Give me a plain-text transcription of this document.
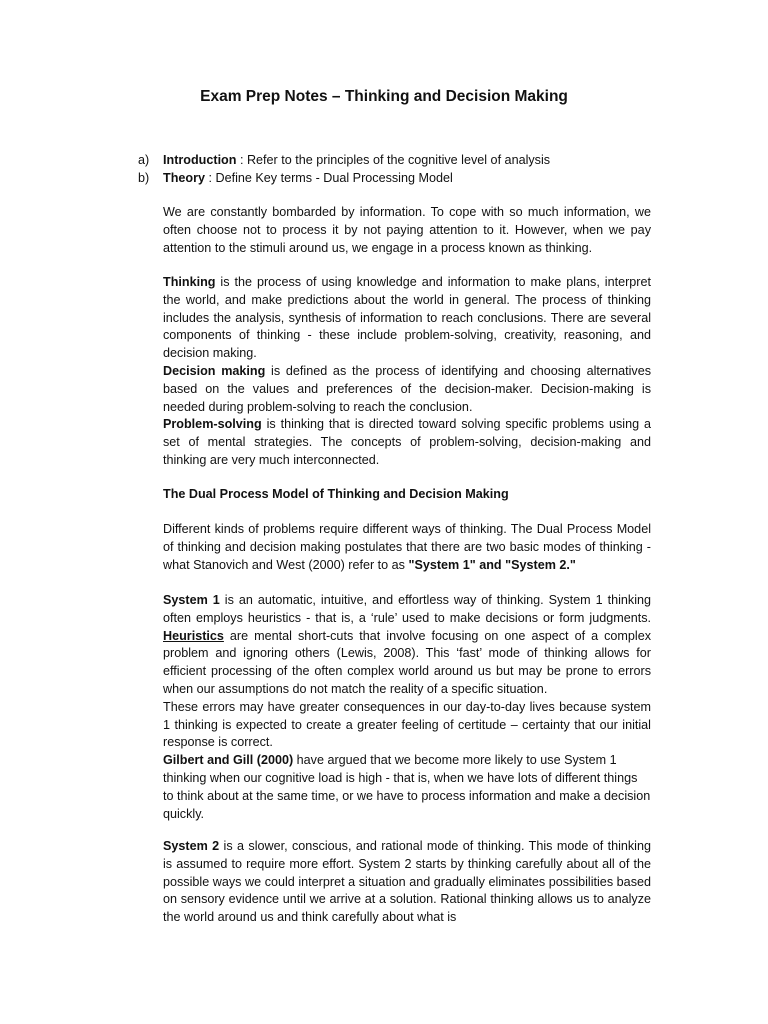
Exam Prep Notes – Thinking and Decision Making
a)	Introduction : Refer to the principles of the cognitive level of analysis
b)	Theory : Define Key terms - Dual Processing Model

We are constantly bombarded by information. To cope with so much information, we often choose not to process it by not paying attention to it. However, when we pay attention to the stimuli around us, we engage in a process known as thinking.

Thinking is the process of using knowledge and information to make plans, interpret the world, and make predictions about the world in general. The process of thinking includes the analysis, synthesis of information to reach conclusions. There are several components of thinking - these include problem-solving, creativity, reasoning, and decision making.

Decision making is defined as the process of identifying and choosing alternatives based on the values and preferences of the decision-maker. Decision-making is needed during problem-solving to reach the conclusion.

Problem-solving is thinking that is directed toward solving specific problems using a set of mental strategies. The concepts of problem-solving, decision-making and thinking are very much interconnected.

The Dual Process Model of Thinking and Decision Making

Different kinds of problems require different ways of thinking. The Dual Process Model of thinking and decision making postulates that there are two basic modes of thinking - what Stanovich and West (2000) refer to as "System 1" and "System 2."

System 1 is an automatic, intuitive, and effortless way of thinking. System 1 thinking often employs heuristics - that is, a ‘rule’ used to make decisions or form judgments. Heuristics are mental short-cuts that involve focusing on one aspect of a complex problem and ignoring others (Lewis, 2008). This ‘fast’ mode of thinking allows for efficient processing of the often complex world around us but may be prone to errors when our assumptions do not match the reality of a specific situation.

These errors may have greater consequences in our day-to-day lives because system 1 thinking is expected to create a greater feeling of certitude – certainty that our initial response is correct.

Gilbert and Gill (2000) have argued that we become more likely to use System 1 thinking when our cognitive load is high - that is, when we have lots of different things to think about at the same time, or we have to process information and make a decision quickly.

System 2 is a slower, conscious, and rational mode of thinking. This mode of thinking is assumed to require more effort. System 2 starts by thinking carefully about all of the possible ways we could interpret a situation and gradually eliminates possibilities based on sensory evidence until we arrive at a solution. Rational thinking allows us to analyze the world around us and think carefully about what is
